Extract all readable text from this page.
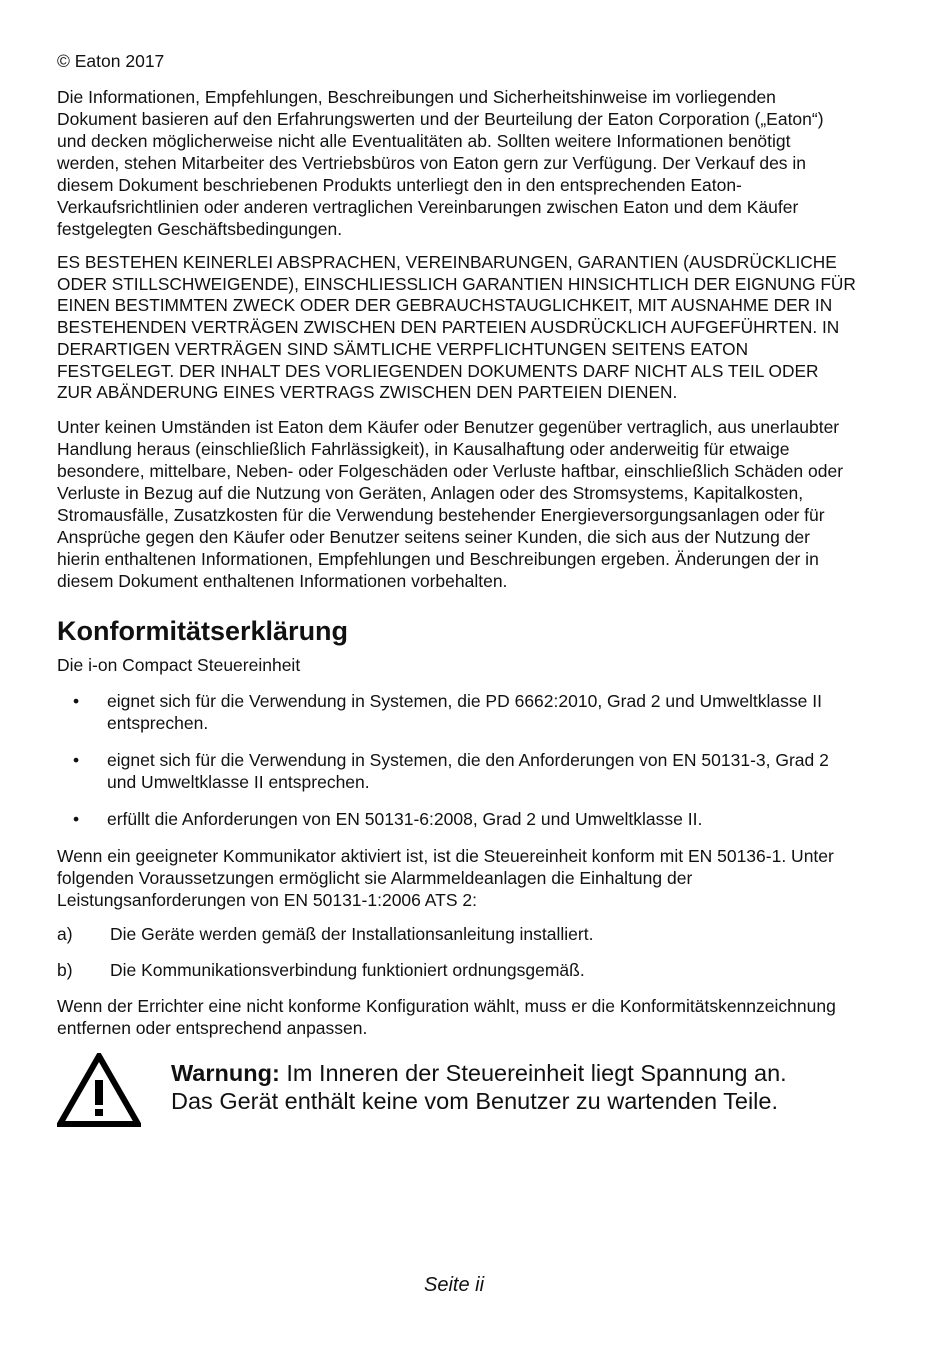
© Eaton 2017

Die Informationen, Empfehlungen, Beschreibungen und Sicherheitshinweise im vorliegenden Dokument basieren auf den Erfahrungswerten und der Beurteilung der Eaton Corporation („Eaton“) und decken möglicherweise nicht alle Eventualitäten ab. Sollten weitere Informationen benötigt werden, stehen Mitarbeiter des Vertriebsbüros von Eaton gern zur Verfügung. Der Verkauf des in diesem Dokument beschriebenen Produkts unterliegt den in den entsprechenden Eaton-Verkaufsrichtlinien oder anderen vertraglichen Vereinbarungen zwischen Eaton und dem Käufer festgelegten Geschäftsbedingungen.

ES BESTEHEN KEINERLEI ABSPRACHEN, VEREINBARUNGEN, GARANTIEN (AUSDRÜCKLICHE ODER STILLSCHWEIGENDE), EINSCHLIESSLICH GARANTIEN HINSICHTLICH DER EIGNUNG FÜR EINEN BESTIMMTEN ZWECK ODER DER GEBRAUCHSTAUGLICHKEIT, MIT AUSNAHME DER IN BESTEHENDEN VERTRÄGEN ZWISCHEN DEN PARTEIEN AUSDRÜCKLICH AUFGEFÜHRTEN. IN DERARTIGEN VERTRÄGEN SIND SÄMTLICHE VERPFLICHTUNGEN SEITENS EATON FESTGELEGT. DER INHALT DES VORLIEGENDEN DOKUMENTS DARF NICHT ALS TEIL ODER ZUR ABÄNDERUNG EINES VERTRAGS ZWISCHEN DEN PARTEIEN DIENEN.

Unter keinen Umständen ist Eaton dem Käufer oder Benutzer gegenüber vertraglich, aus unerlaubter Handlung heraus (einschließlich Fahrlässigkeit), in Kausalhaftung oder anderweitig für etwaige besondere, mittelbare, Neben- oder Folgeschäden oder Verluste haftbar, einschließlich Schäden oder Verluste in Bezug auf die Nutzung von Geräten, Anlagen oder des Stromsystems, Kapitalkosten, Stromausfälle, Zusatzkosten für die Verwendung bestehender Energieversorgungsanlagen oder für Ansprüche gegen den Käufer oder Benutzer seitens seiner Kunden, die sich aus der Nutzung der hierin enthaltenen Informationen, Empfehlungen und Beschreibungen ergeben. Änderungen der in diesem Dokument enthaltenen Informationen vorbehalten.

Konformitätserklärung

Die i-on Compact Steuereinheit

• eignet sich für die Verwendung in Systemen, die PD 6662:2010, Grad 2 und Umweltklasse II entsprechen.
• eignet sich für die Verwendung in Systemen, die den Anforderungen von EN 50131-3, Grad 2 und Umweltklasse II entsprechen.
• erfüllt die Anforderungen von EN 50131-6:2008, Grad 2 und Umweltklasse II.

Wenn ein geeigneter Kommunikator aktiviert ist, ist die Steuereinheit konform mit EN 50136-1. Unter folgenden Voraussetzungen ermöglicht sie Alarmmeldeanlagen die Einhaltung der Leistungsanforderungen von EN 50131-1:2006 ATS 2:

a) Die Geräte werden gemäß der Installationsanleitung installiert.
b) Die Kommunikationsverbindung funktioniert ordnungsgemäß.

Wenn der Errichter eine nicht konforme Konfiguration wählt, muss er die Konformitätskennzeichnung entfernen oder entsprechend anpassen.

Warnung: Im Inneren der Steuereinheit liegt Spannung an.
Das Gerät enthält keine vom Benutzer zu wartenden Teile.
Seite ii
